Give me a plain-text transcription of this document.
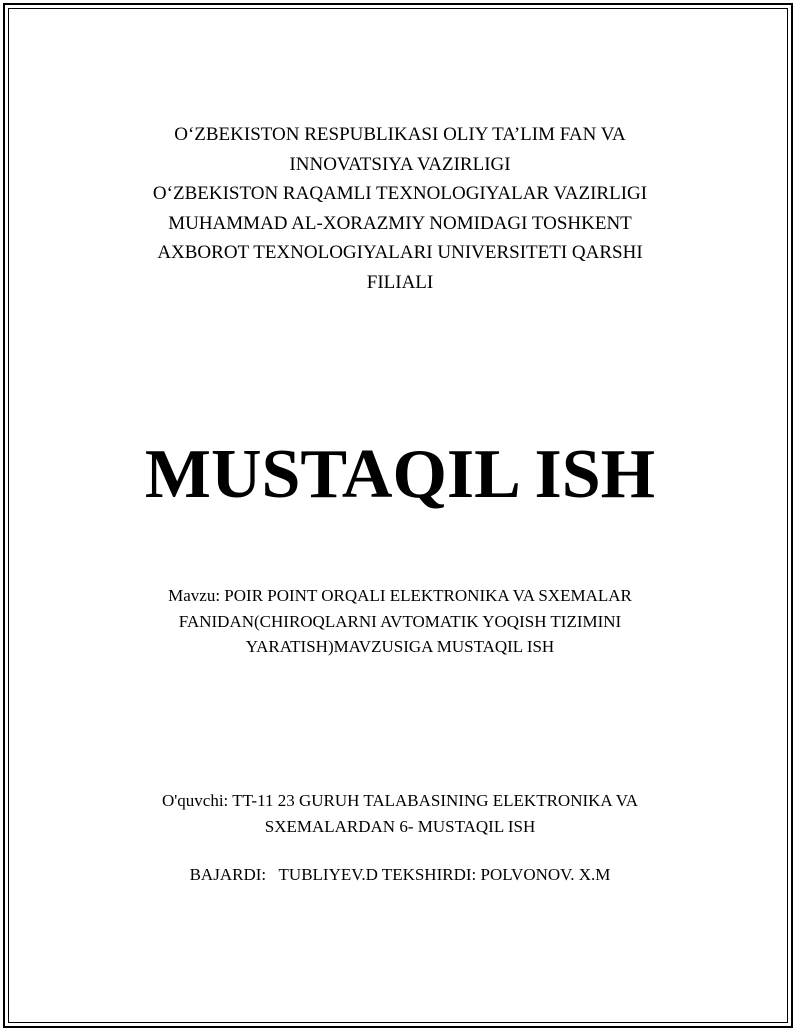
O‘ZBEKISTON RESPUBLIKASI OLIY TA’LIM FAN VA
INNOVATSIYA VAZIRLIGI
O‘ZBEKISTON RAQAMLI TEXNOLOGIYALAR VAZIRLIGI
MUHAMMAD AL-XORAZMIY NOMIDAGI TOSHKENT
AXBOROT TEXNOLOGIYALARI UNIVERSITETI QARSHI
FILIALI
MUSTAQIL ISH
Mavzu: POIR POINT ORQALI ELEKTRONIKA VA SXEMALAR
FANIDAN(CHIROQLARNI AVTOMATIK YOQISH TIZIMINI
YARATISH)MAVZUSIGA MUSTAQIL ISH
O'quvchi: TT-11 23 GURUH TALABASINING ELEKTRONIKA VA
SXEMALARDAN 6- MUSTAQIL ISH
BAJARDI:   TUBLIYEV.D TEKSHIRDI: POLVONOV. X.M
